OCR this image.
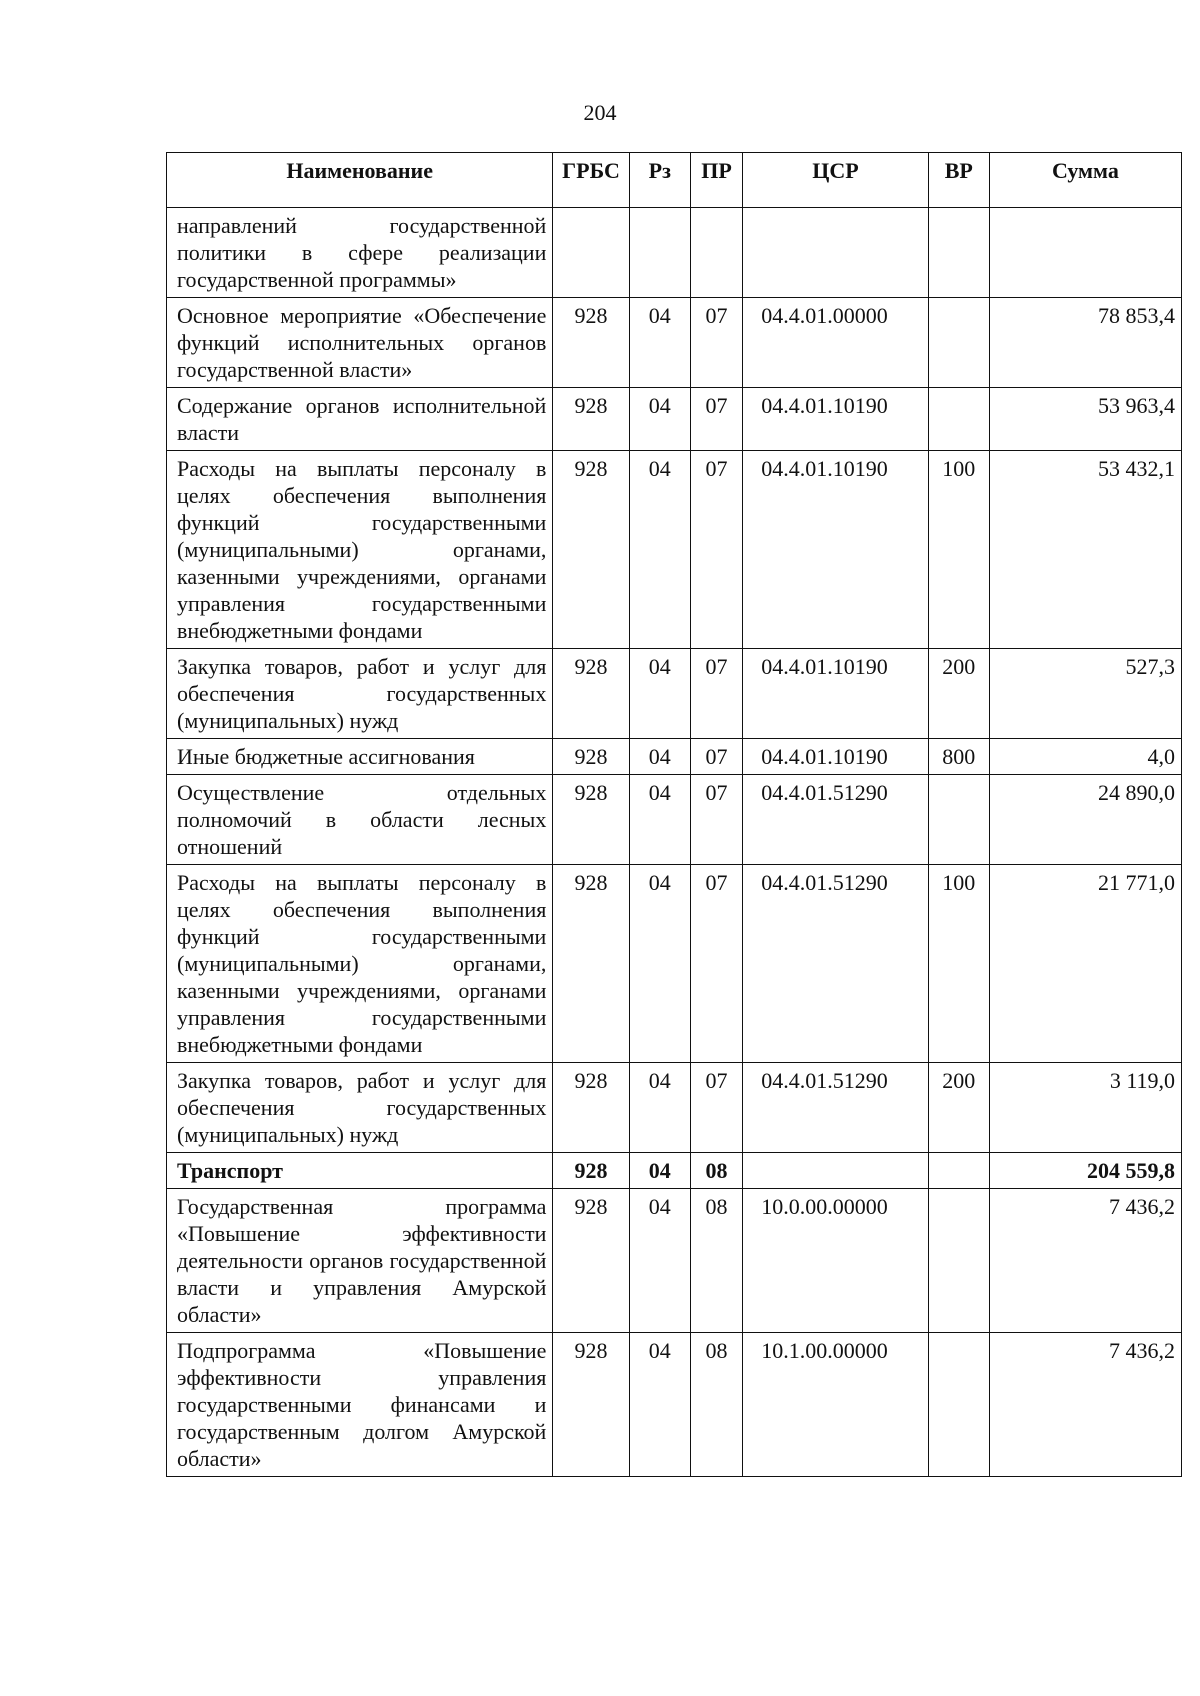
204
Наименование	ГРБС	Рз	ПР	ЦСР	ВР	Сумма
направлений государственной политики в сфере реализации государственной программы»						
Основное мероприятие «Обеспечение функций исполнительных органов государственной власти»	928	04	07	04.4.01.00000		78 853,4
Содержание органов исполнительной власти	928	04	07	04.4.01.10190		53 963,4
Расходы на выплаты персоналу в целях обеспечения выполнения функций государственными (муниципальными) органами, казенными учреждениями, органами управления государственными внебюджетными фондами	928	04	07	04.4.01.10190	100	53 432,1
Закупка товаров, работ и услуг для обеспечения государственных (муниципальных) нужд	928	04	07	04.4.01.10190	200	527,3
Иные бюджетные ассигнования	928	04	07	04.4.01.10190	800	4,0
Осуществление отдельных полномочий в области лесных отношений	928	04	07	04.4.01.51290		24 890,0
Расходы на выплаты персоналу в целях обеспечения выполнения функций государственными (муниципальными) органами, казенными учреждениями, органами управления государственными внебюджетными фондами	928	04	07	04.4.01.51290	100	21 771,0
Закупка товаров, работ и услуг для обеспечения государственных (муниципальных) нужд	928	04	07	04.4.01.51290	200	3 119,0
Транспорт	928	04	08			204 559,8
Государственная программа «Повышение эффективности деятельности органов государственной власти и управления Амурской области»	928	04	08	10.0.00.00000		7 436,2
Подпрограмма «Повышение эффективности управления государственными финансами и государственным долгом Амурской области»	928	04	08	10.1.00.00000		7 436,2
